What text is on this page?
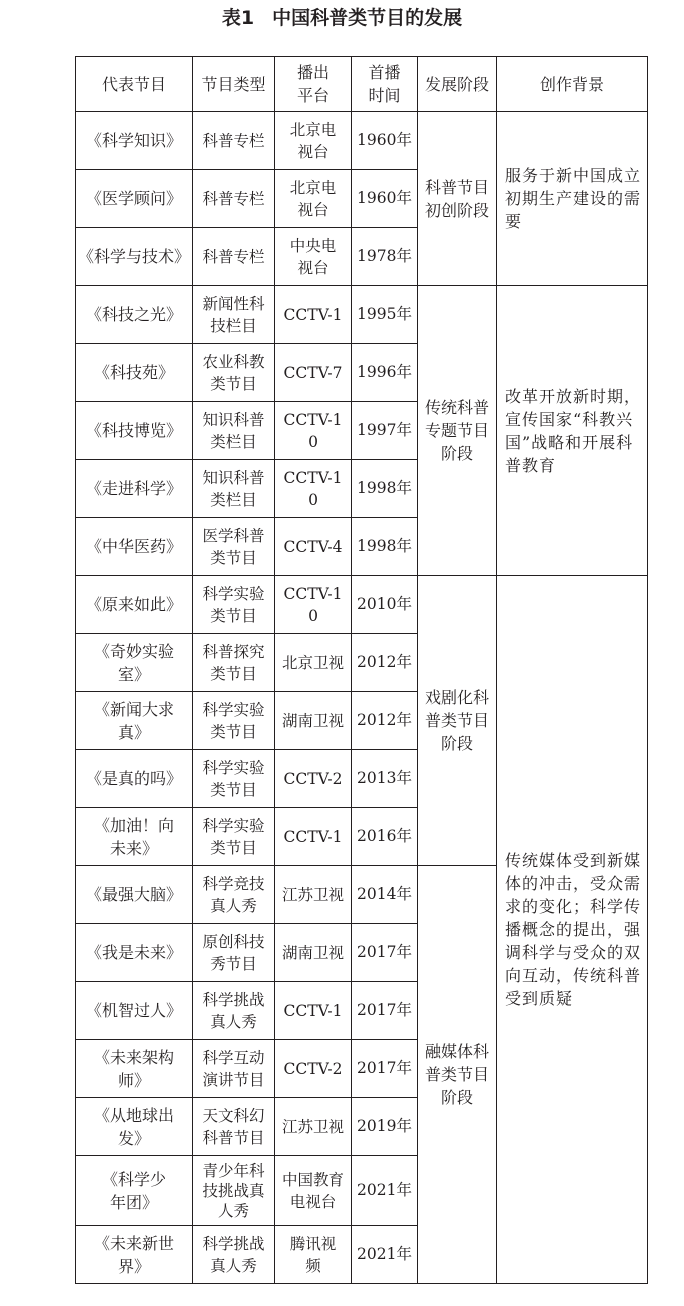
表1 中国科普类节目的发展
代表节目	节目类型	播出平台	首播时间	发展阶段	创作背景
《科学知识》	科普专栏	北京电视台	1960年	科普节目初创阶段	服务于新中国成立初期生产建设的需要
《医学顾问》	科普专栏	北京电视台	1960年		
《科学与技术》	科普专栏	中央电视台	1978年		
《科技之光》	新闻性科技栏目	CCTV-1	1995年	传统科普专题节目阶段	改革开放新时期，宣传国家“科教兴国”战略和开展科普教育
《科技苑》	农业科教类节目	CCTV-7	1996年		
《科技博览》	知识科普类栏目	CCTV-10	1997年		
《走进科学》	知识科普类栏目	CCTV-10	1998年		
《中华医药》	医学科普类节目	CCTV-4	1998年		
《原来如此》	科学实验类节目	CCTV-10	2010年	戏剧化科普类节目阶段	传统媒体受到新媒体的冲击，受众需求的变化；科学传播概念的提出，强调科学与受众的双向互动，传统科普受到质疑
《奇妙实验室》	科普探究类节目	北京卫视	2012年		
《新闻大求真》	科学实验类节目	湖南卫视	2012年		
《是真的吗》	科学实验类节目	CCTV-2	2013年		
《加油！向未来》	科学实验类节目	CCTV-1	2016年		
《最强大脑》	科学竞技真人秀	江苏卫视	2014年	融媒体科普类节目阶段	
《我是未来》	原创科技秀节目	湖南卫视	2017年		
《机智过人》	科学挑战真人秀	CCTV-1	2017年		
《未来架构师》	科学互动演讲节目	CCTV-2	2017年		
《从地球出发》	天文科幻科普节目	江苏卫视	2019年		
《科学少年团》	青少年科技挑战真人秀	中国教育电视台	2021年		
《未来新世界》	科学挑战真人秀	腾讯视频	2021年		
